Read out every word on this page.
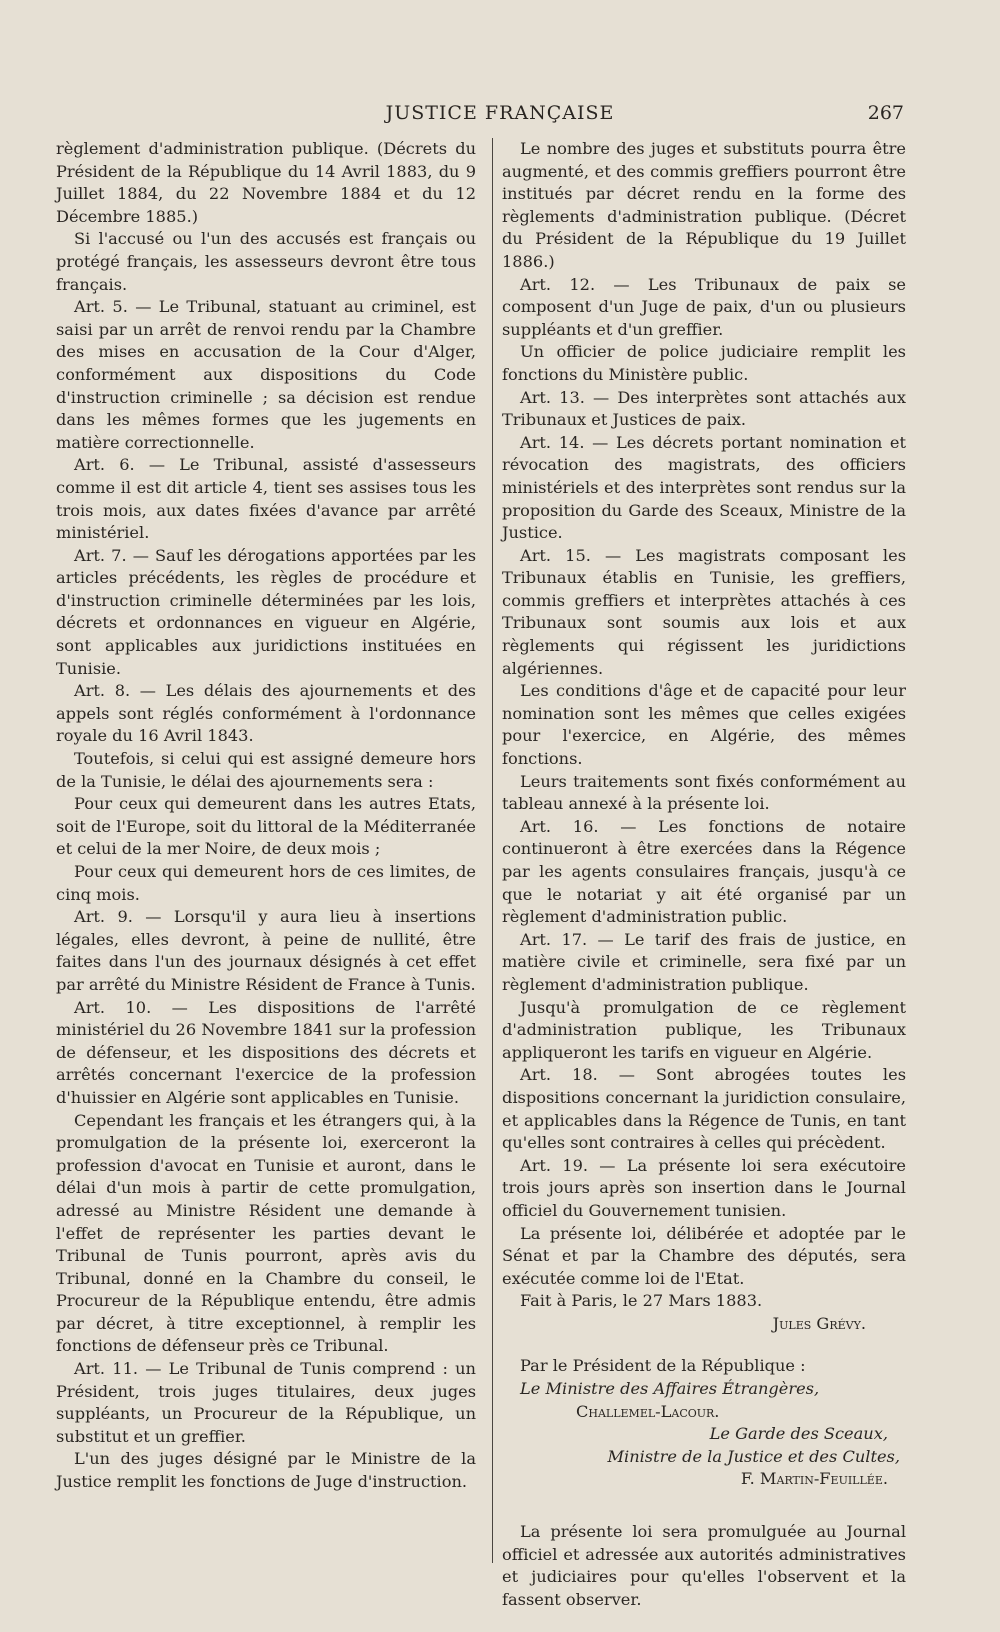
JUSTICE FRANÇAISE	267

règlement d'administration publique. (Décrets du Président de la République du 14 Avril 1883, du 9 Juillet 1884, du 22 Novembre 1884 et du 12 Décembre 1885.)

Si l'accusé ou l'un des accusés est français ou protégé français, les assesseurs devront être tous français.

Art. 5. — Le Tribunal, statuant au criminel, est saisi par un arrêt de renvoi rendu par la Chambre des mises en accusation de la Cour d'Alger, conformément aux dispositions du Code d'instruction criminelle ; sa décision est rendue dans les mêmes formes que les jugements en matière correctionnelle.

Art. 6. — Le Tribunal, assisté d'assesseurs comme il est dit article 4, tient ses assises tous les trois mois, aux dates fixées d'avance par arrêté ministériel.

Art. 7. — Sauf les dérogations apportées par les articles précédents, les règles de procédure et d'instruction criminelle déterminées par les lois, décrets et ordonnances en vigueur en Algérie, sont applicables aux juridictions instituées en Tunisie.

Art. 8. — Les délais des ajournements et des appels sont réglés conformément à l'ordonnance royale du 16 Avril 1843.

Toutefois, si celui qui est assigné demeure hors de la Tunisie, le délai des ajournements sera :

Pour ceux qui demeurent dans les autres Etats, soit de l'Europe, soit du littoral de la Méditerranée et celui de la mer Noire, de deux mois ;

Pour ceux qui demeurent hors de ces limites, de cinq mois.

Art. 9. — Lorsqu'il y aura lieu à insertions légales, elles devront, à peine de nullité, être faites dans l'un des journaux désignés à cet effet par arrêté du Ministre Résident de France à Tunis.

Art. 10. — Les dispositions de l'arrêté ministériel du 26 Novembre 1841 sur la profession de défenseur, et les dispositions des décrets et arrêtés concernant l'exercice de la profession d'huissier en Algérie sont applicables en Tunisie.

Cependant les français et les étrangers qui, à la promulgation de la présente loi, exerceront la profession d'avocat en Tunisie et auront, dans le délai d'un mois à partir de cette promulgation, adressé au Ministre Résident une demande à l'effet de représenter les parties devant le Tribunal de Tunis pourront, après avis du Tribunal, donné en la Chambre du conseil, le Procureur de la République entendu, être admis par décret, à titre exceptionnel, à remplir les fonctions de défenseur près ce Tribunal.

Art. 11. — Le Tribunal de Tunis comprend : un Président, trois juges titulaires, deux juges suppléants, un Procureur de la République, un substitut et un greffier.

L'un des juges désigné par le Ministre de la Justice remplit les fonctions de Juge d'instruction.

Le nombre des juges et substituts pourra être augmenté, et des commis greffiers pourront être institués par décret rendu en la forme des règlements d'administration publique. (Décret du Président de la République du 19 Juillet 1886.)

Art. 12. — Les Tribunaux de paix se composent d'un Juge de paix, d'un ou plusieurs suppléants et d'un greffier.

Un officier de police judiciaire remplit les fonctions du Ministère public.

Art. 13. — Des interprètes sont attachés aux Tribunaux et Justices de paix.

Art. 14. — Les décrets portant nomination et révocation des magistrats, des officiers ministériels et des interprètes sont rendus sur la proposition du Garde des Sceaux, Ministre de la Justice.

Art. 15. — Les magistrats composant les Tribunaux établis en Tunisie, les greffiers, commis greffiers et interprètes attachés à ces Tribunaux sont soumis aux lois et aux règlements qui régissent les juridictions algériennes.

Les conditions d'âge et de capacité pour leur nomination sont les mêmes que celles exigées pour l'exercice, en Algérie, des mêmes fonctions.

Leurs traitements sont fixés conformément au tableau annexé à la présente loi.

Art. 16. — Les fonctions de notaire continueront à être exercées dans la Régence par les agents consulaires français, jusqu'à ce que le notariat y ait été organisé par un règlement d'administration public.

Art. 17. — Le tarif des frais de justice, en matière civile et criminelle, sera fixé par un règlement d'administration publique.

Jusqu'à promulgation de ce règlement d'administration publique, les Tribunaux appliqueront les tarifs en vigueur en Algérie.

Art. 18. — Sont abrogées toutes les dispositions concernant la juridiction consulaire, et applicables dans la Régence de Tunis, en tant qu'elles sont contraires à celles qui précèdent.

Art. 19. — La présente loi sera exécutoire trois jours après son insertion dans le Journal officiel du Gouvernement tunisien.

La présente loi, délibérée et adoptée par le Sénat et par la Chambre des députés, sera exécutée comme loi de l'Etat.

Fait à Paris, le 27 Mars 1883.

Jules Grévy.

Par le Président de la République :

Le Ministre des Affaires Étrangères,

Challemel-Lacour.

Le Garde des Sceaux,

Ministre de la Justice et des Cultes,

F. Martin-Feuillée.

La présente loi sera promulguée au Journal officiel et adressée aux autorités administratives et judiciaires pour qu'elles l'observent et la fassent observer.
